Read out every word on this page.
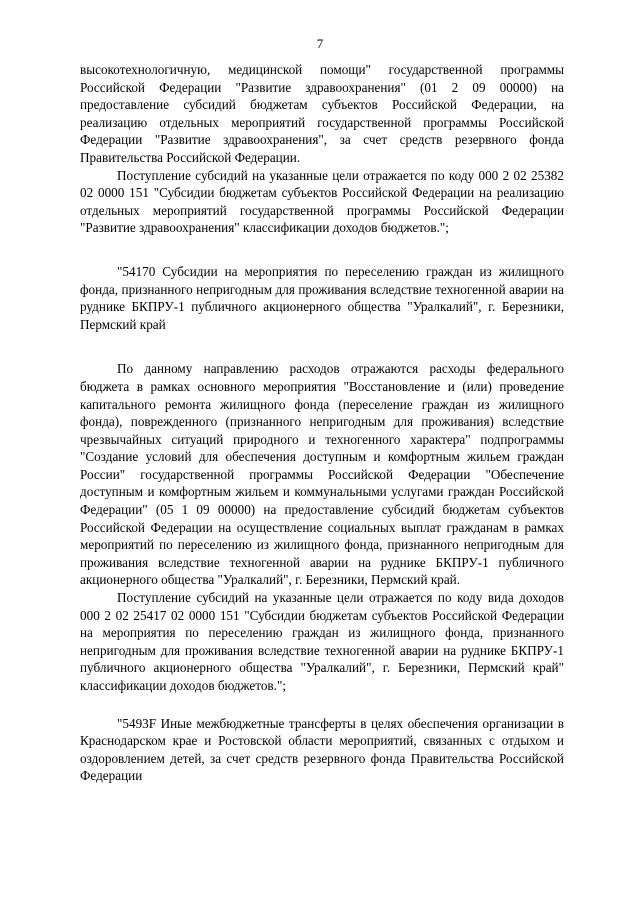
7

высокотехнологичную, медицинской помощи" государственной программы Российской Федерации "Развитие здравоохранения" (01 2 09 00000) на предоставление субсидий бюджетам субъектов Российской Федерации, на реализацию отдельных мероприятий государственной программы Российской Федерации "Развитие здравоохранения", за счет средств резервного фонда Правительства Российской Федерации.

Поступление субсидий на указанные цели отражается по коду 000 2 02 25382 02 0000 151 "Субсидии бюджетам субъектов Российской Федерации на реализацию отдельных мероприятий государственной программы Российской Федерации "Развитие здравоохранения" классификации доходов бюджетов.";

"54170 Субсидии на мероприятия по переселению граждан из жилищного фонда, признанного непригодным для проживания вследствие техногенной аварии на руднике БКПРУ-1 публичного акционерного общества "Уралкалий", г. Березники, Пермский край

По данному направлению расходов отражаются расходы федерального бюджета в рамках основного мероприятия "Восстановление и (или) проведение капитального ремонта жилищного фонда (переселение граждан из жилищного фонда), поврежденного (признанного непригодным для проживания) вследствие чрезвычайных ситуаций природного и техногенного характера" подпрограммы "Создание условий для обеспечения доступным и комфортным жильем граждан России" государственной программы Российской Федерации "Обеспечение доступным и комфортным жильем и коммунальными услугами граждан Российской Федерации" (05 1 09 00000) на предоставление субсидий бюджетам субъектов Российской Федерации на осуществление социальных выплат гражданам в рамках мероприятий по переселению из жилищного фонда, признанного непригодным для проживания вследствие техногенной аварии на руднике БКПРУ-1 публичного акционерного общества "Уралкалий", г. Березники, Пермский край.

Поступление субсидий на указанные цели отражается по коду вида доходов 000 2 02 25417 02 0000 151 "Субсидии бюджетам субъектов Российской Федерации на мероприятия по переселению граждан из жилищного фонда, признанного непригодным для проживания вследствие техногенной аварии на руднике БКПРУ-1 публичного акционерного общества "Уралкалий", г. Березники, Пермский край" классификации доходов бюджетов.";

"5493F Иные межбюджетные трансферты в целях обеспечения организации в Краснодарском крае и Ростовской области мероприятий, связанных с отдыхом и оздоровлением детей, за счет средств резервного фонда Правительства Российской Федерации
